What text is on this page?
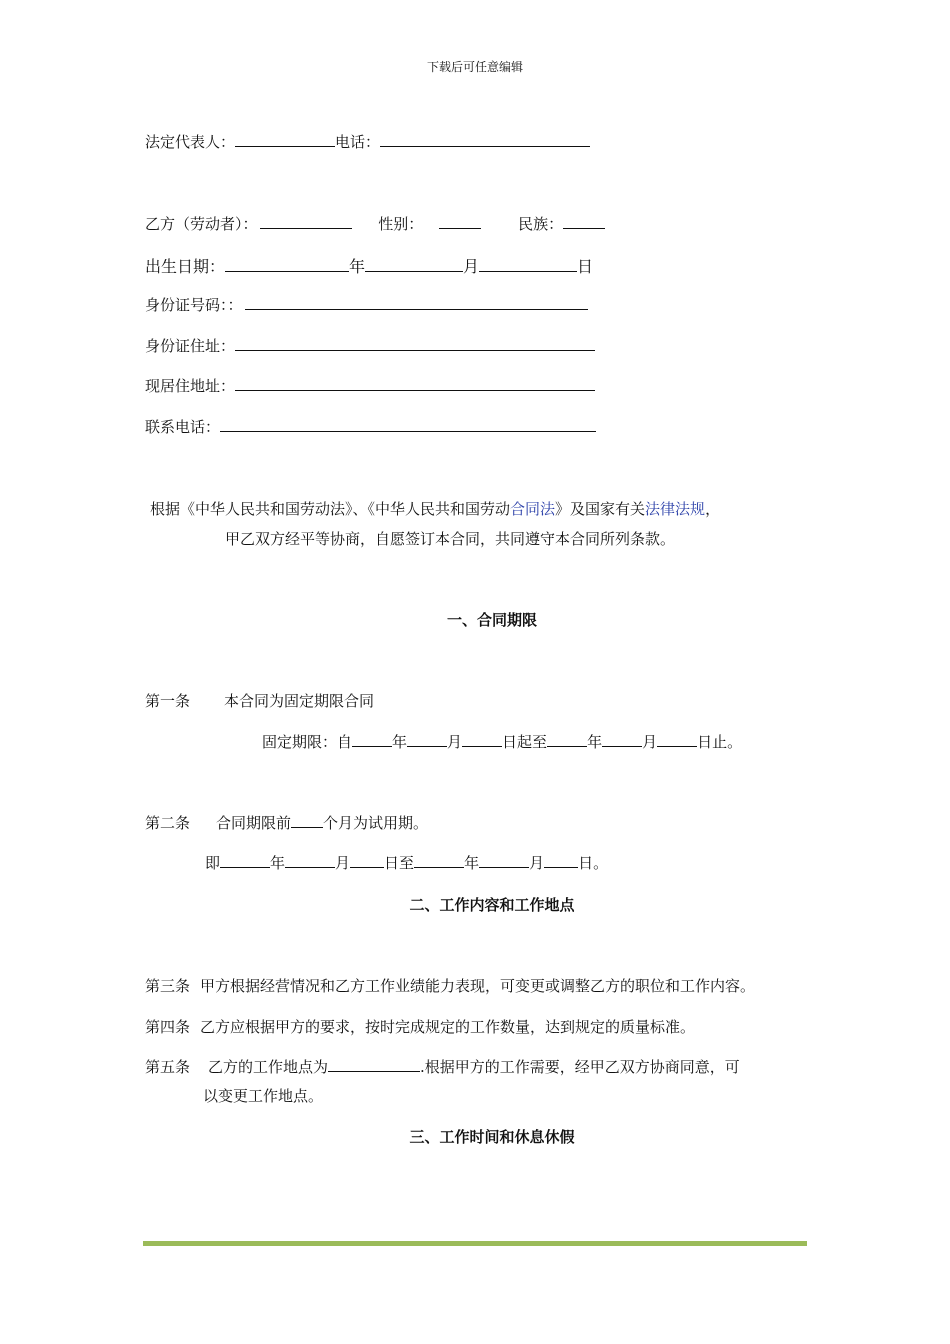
下载后可任意编辑
法定代表人：	电话：
乙方（劳动者）：	性别：	民族：
出生日期：	年	月	日
身份证号码：：
身份证住址：
现居住地址：
联系电话：
根据《中华人民共和国劳动法》、《中华人民共和国劳动合同法》及国家有关法律法规，
甲乙双方经平等协商，自愿签订本合同，共同遵守本合同所列条款。
一、合同期限
第一条 本合同为固定期限合同
固定期限：自	年	月	日起至	年	月	日止。
第二条 合同期限前 个月为试用期。
即	年	月 日至	年	月 日。
二、工作内容和工作地点
第三条 甲方根据经营情况和乙方工作业绩能力表现，可变更或调整乙方的职位和工作内容。
第四条 乙方应根据甲方的要求，按时完成规定的工作数量，达到规定的质量标准。
第五条 乙方的工作地点为	.根据甲方的工作需要，经甲乙双方协商同意，可
以变更工作地点。
三、工作时间和休息休假
